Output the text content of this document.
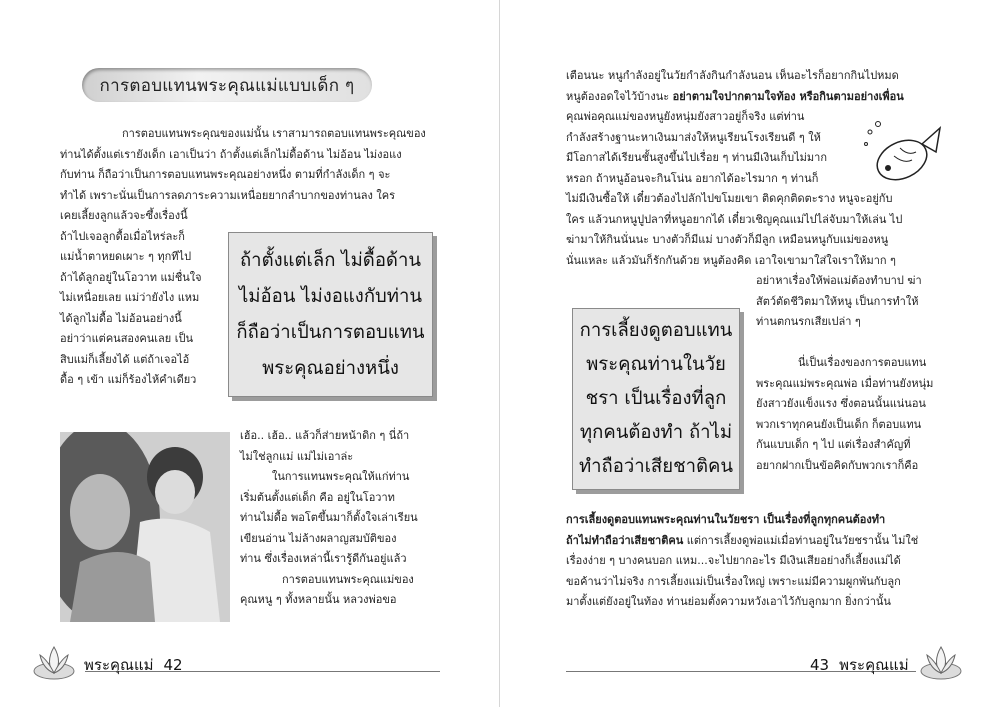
การตอบแทนพระคุณแม่แบบเด็ก ๆ

การตอบแทนพระคุณของแม่นั้น เราสามารถตอบแทนพระคุณของ

ท่านได้ตั้งแต่เรายังเด็ก เอาเป็นว่า ถ้าตั้งแต่เล็กไม่ดื้อด้าน ไม่อ้อน ไม่งอแง

กับท่าน ก็ถือว่าเป็นการตอบแทนพระคุณอย่างหนึ่ง ตามที่กำลังเด็ก ๆ จะ

ทำได้ เพราะนั่นเป็นการลดภาระความเหนื่อยยากลำบากของท่านลง ใคร

เคยเลี้ยงลูกแล้วจะซึ้งเรื่องนี้

ถ้าไปเจอลูกดื้อเมื่อไหร่ละก็

แม่น้ำตาหยดเผาะ ๆ ทุกทีไป

ถ้าได้ลูกอยู่ในโอวาท แม่ชื่นใจ

ไม่เหนื่อยเลย แม่ว่ายังไง แหม

ได้ลูกไม่ดื้อ ไม่อ้อนอย่างนี้

อย่าว่าแต่คนสองคนเลย เป็น

สิบแม่ก็เลี้ยงได้ แต่ถ้าเจอไอ้

ดื้อ ๆ เข้า แม่ก็ร้องไห้คำเดียว

ถ้าตั้งแต่เล็ก ไม่ดื้อด้าน
ไม่อ้อน ไม่งอแงกับท่าน
ก็ถือว่าเป็นการตอบแทน
พระคุณอย่างหนึ่ง

เฮ้อ.. เฮ้อ.. แล้วก็ส่ายหน้าดิก ๆ นี่ถ้า

ไม่ใช่ลูกแม่ แม่ไม่เอาล่ะ

ในการแทนพระคุณให้แก่ท่าน

เริ่มต้นตั้งแต่เด็ก คือ อยู่ในโอวาท

ท่านไม่ดื้อ พอโตขึ้นมาก็ตั้งใจเล่าเรียน

เขียนอ่าน ไม่ล้างผลาญสมบัติของ

ท่าน ซึ่งเรื่องเหล่านี้เรารู้ดีกันอยู่แล้ว

การตอบแทนพระคุณแม่ของ

คุณหนู ๆ ทั้งหลายนั้น หลวงพ่อขอ

พระคุณแม่ 42

เตือนนะ หนูกำลังอยู่ในวัยกำลังกินกำลังนอน เห็นอะไรก็อยากกินไปหมด

หนูต้องอดใจไว้บ้างนะ อย่าตามใจปากตามใจท้อง หรือกินตามอย่างเพื่อน

คุณพ่อคุณแม่ของหนูยังหนุ่มยังสาวอยู่ก็จริง แต่ท่าน

กำลังสร้างฐานะหาเงินมาส่งให้หนูเรียนโรงเรียนดี ๆ ให้

มีโอกาสได้เรียนชั้นสูงขึ้นไปเรื่อย ๆ ท่านมีเงินเก็บไม่มาก

หรอก ถ้าหนูอ้อนจะกินโน่น อยากได้อะไรมาก ๆ ท่านก็

ไม่มีเงินซื้อให้ เดี๋ยวต้องไปลักไปขโมยเขา ติดคุกติดตะราง หนูจะอยู่กับ

ใคร แล้วนกหนูปูปลาที่หนูอยากได้ เดี๋ยวเชิญคุณแม่ไปไล่จับมาให้เล่น ไป

ฆ่ามาให้กินนั่นนะ บางตัวก็มีแม่ บางตัวก็มีลูก เหมือนหนูกับแม่ของหนู

นั่นแหละ แล้วมันก็รักกันด้วย หนูต้องคิด เอาใจเขามาใส่ใจเราให้มาก ๆ

อย่าหาเรื่องให้พ่อแม่ต้องทำบาป ฆ่า

สัตว์ตัดชีวิตมาให้หนู เป็นการทำให้

ท่านตกนรกเสียเปล่า ๆ

นี่เป็นเรื่องของการตอบแทน

พระคุณแม่พระคุณพ่อ เมื่อท่านยังหนุ่ม

ยังสาวยังแข็งแรง ซึ่งตอนนั้นแน่นอน

พวกเราทุกคนยังเป็นเด็ก ก็ตอบแทน

กันแบบเด็ก ๆ ไป แต่เรื่องสำคัญที่

อยากฝากเป็นข้อคิดกับพวกเราก็คือ

การเลี้ยงดูตอบแทน
พระคุณท่านในวัย
ชรา เป็นเรื่องที่ลูก
ทุกคนต้องทำ ถ้าไม่
ทำถือว่าเสียชาติคน

การเลี้ยงดูตอบแทนพระคุณท่านในวัยชรา เป็นเรื่องที่ลูกทุกคนต้องทำ

ถ้าไม่ทำถือว่าเสียชาติคน แต่การเลี้ยงดูพ่อแม่เมื่อท่านอยู่ในวัยชรานั้น ไม่ใช่

เรื่องง่าย ๆ บางคนบอก แหม...จะไปยากอะไร มีเงินเสียอย่างก็เลี้ยงแม่ได้

ขอค้านว่าไม่จริง การเลี้ยงแม่เป็นเรื่องใหญ่ เพราะแม่มีความผูกพันกับลูก

มาตั้งแต่ยังอยู่ในท้อง ท่านย่อมตั้งความหวังเอาไว้กับลูกมาก ยิ่งกว่านั้น

43 พระคุณแม่
